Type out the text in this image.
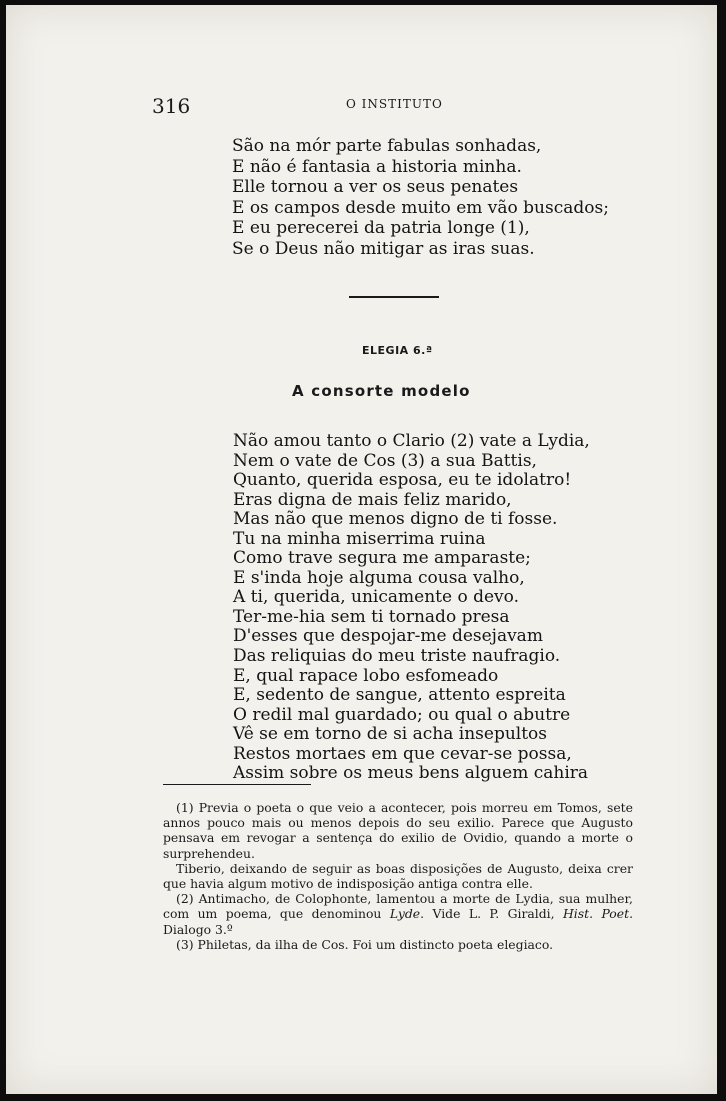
316	O INSTITUTO
São na mór parte fabulas sonhadas,
E não é fantasia a historia minha.
Elle tornou a ver os seus penates
E os campos desde muito em vão buscados;
E eu perecerei da patria longe (1),
Se o Deus não mitigar as iras suas.
ELEGIA 6.ª
A consorte modelo
Não amou tanto o Clario (2) vate a Lydia,
Nem o vate de Cos (3) a sua Battis,
Quanto, querida esposa, eu te idolatro!
Eras digna de mais feliz marido,
Mas não que menos digno de ti fosse.
Tu na minha miserrima ruina
Como trave segura me amparaste;
E s'inda hoje alguma cousa valho,
A ti, querida, unicamente o devo.
Ter-me-hia sem ti tornado presa
D'esses que despojar-me desejavam
Das reliquias do meu triste naufragio.
E, qual rapace lobo esfomeado
E, sedento de sangue, attento espreita
O redil mal guardado; ou qual o abutre
Vê se em torno de si acha insepultos
Restos mortaes em que cevar-se possa,
Assim sobre os meus bens alguem cahira

(1) Previa o poeta o que veio a acontecer, pois morreu em Tomos, sete annos pouco mais ou menos depois do seu exilio. Parece que Augusto pensava em revogar a sentença do exilio de Ovidio, quando a morte o surprehendeu.

Tiberio, deixando de seguir as boas disposições de Augusto, deixa crer que havia algum motivo de indisposição antiga contra elle.

(2) Antimacho, de Colophonte, lamentou a morte de Lydia, sua mulher, com um poema, que denominou Lyde. Vide L. P. Giraldi, Hist. Poet. Dialogo 3.º

(3) Philetas, da ilha de Cos. Foi um distincto poeta elegiaco.
